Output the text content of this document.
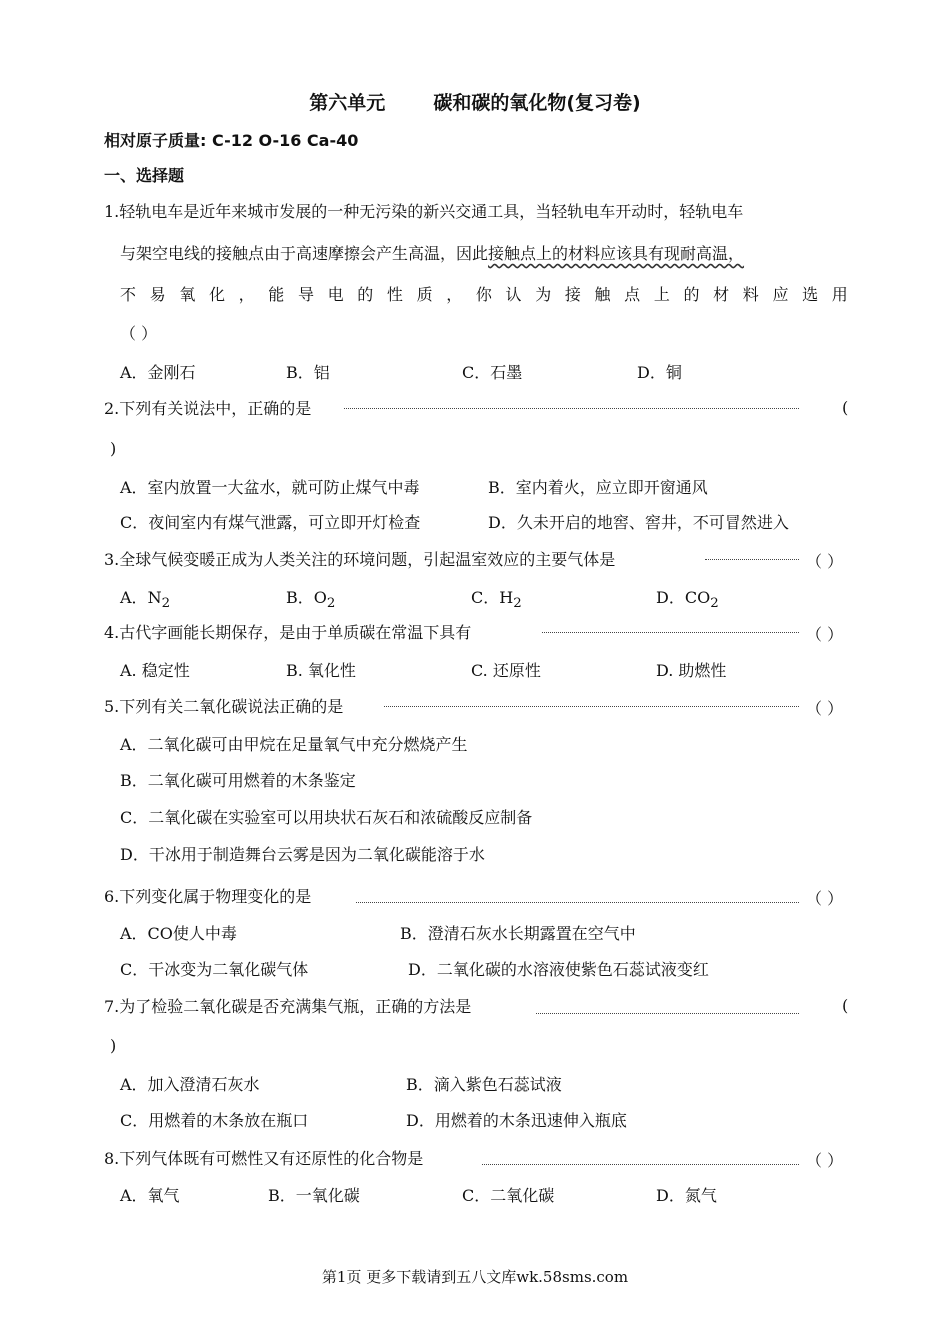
第六单元	碳和碳的氧化物(复习卷)
相对原子质量: C-12 O-16 Ca-40
一、选择题
1.轻轨电车是近年来城市发展的一种无污染的新兴交通工具，当轻轨电车开动时，轻轨电车
与架空电线的接触点由于高速摩擦会产生高温，因此接触点上的材料应该具有现耐高温，
不 易 氧 化 ， 能 导 电 的 性 质 ， 你 认 为 接 触 点 上 的 材 料 应 选 用
（ ）
A．金刚石	B．铝	C．石墨	D．铜
2.下列有关说法中，正确的是	(
)
A．室内放置一大盆水，就可防止煤气中毒	B．室内着火，应立即开窗通风
C．夜间室内有煤气泄露，可立即开灯检查	D．久未开启的地窖、窖井，不可冒然进入
3.全球气候变暖正成为人类关注的环境问题，引起温室效应的主要气体是	（ ）
A．$N_2$	B．$O_2$	C．$H_2$	D．$CO_2$
4.古代字画能长期保存，是由于单质碳在常温下具有	（ ）
A. 稳定性	B. 氧化性	C. 还原性	D. 助燃性
5.下列有关二氧化碳说法正确的是	（ ）
A．二氧化碳可由甲烷在足量氧气中充分燃烧产生
B．二氧化碳可用燃着的木条鉴定
C．二氧化碳在实验室可以用块状石灰石和浓硫酸反应制备
D．干冰用于制造舞台云雾是因为二氧化碳能溶于水
6.下列变化属于物理变化的是	（ ）
A．CO使人中毒	B．澄清石灰水长期露置在空气中
C．干冰变为二氧化碳气体	D．二氧化碳的水溶液使紫色石蕊试液变红
7.为了检验二氧化碳是否充满集气瓶，正确的方法是	(
)
A．加入澄清石灰水	B．滴入紫色石蕊试液
C．用燃着的木条放在瓶口	D．用燃着的木条迅速伸入瓶底
8.下列气体既有可燃性又有还原性的化合物是	（ ）
A．氧气	B．一氧化碳	C．二氧化碳	D．氮气
第1页 更多下载请到五八文库wk.58sms.com
